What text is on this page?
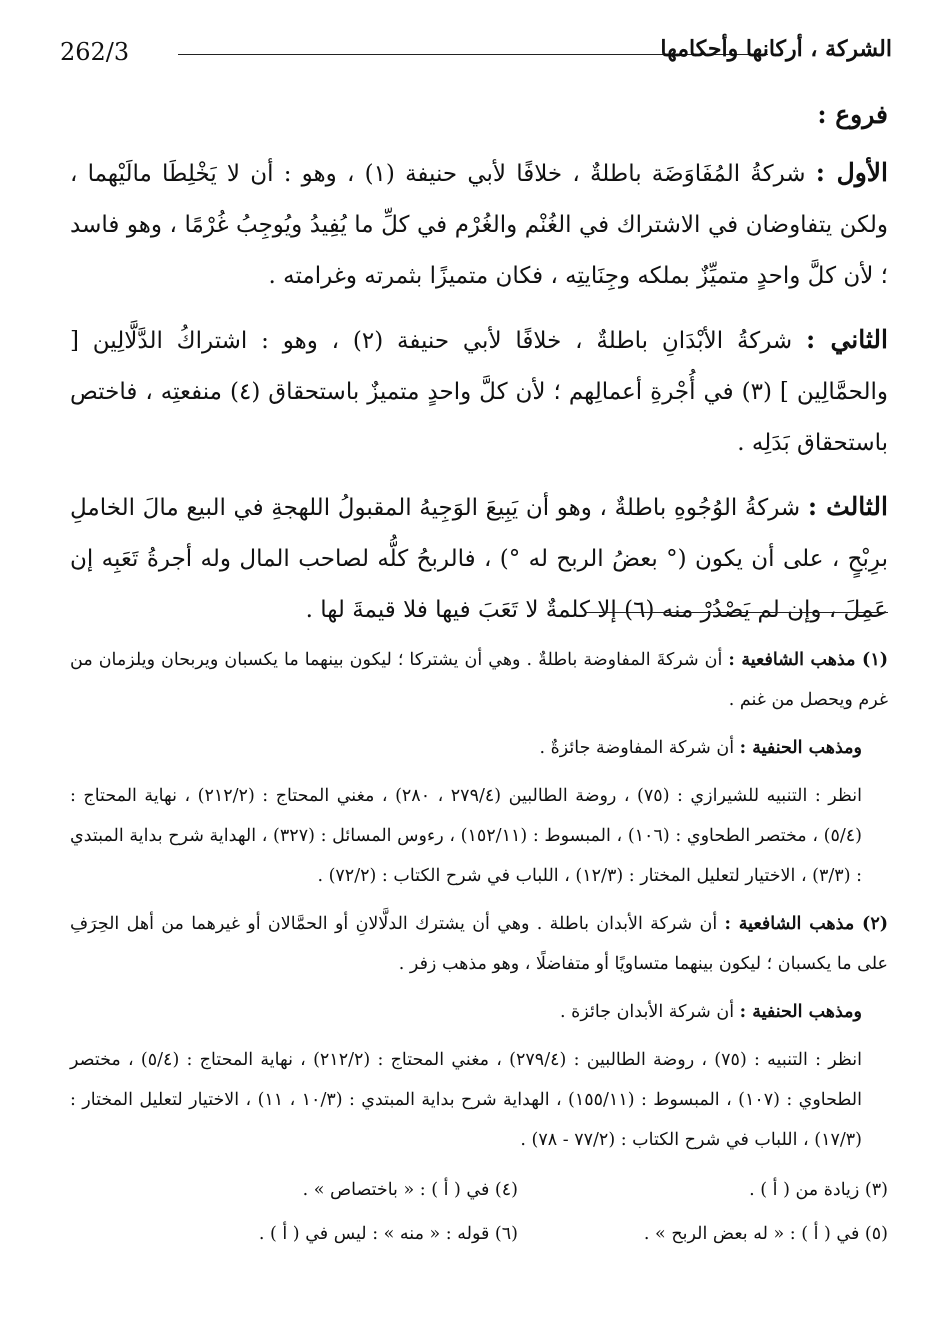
262/3	الشركة ، أركانها وأحكامها
فروع :

الأول : شركةُ المُفَاوَضَة باطلةٌ ، خلافًا لأبي حنيفة (١) ، وهو : أن لا يَخْلِطَا مالَيْهما ، ولكن يتفاوضان في الاشتراك في الغُنْم والغُرْم في كلِّ ما يُفِيدُ ويُوجِبُ غُرْمًا ، وهو فاسد ؛ لأن كلَّ واحدٍ متميِّزٌ بملكه وجِنَايتِه ، فكان متميزًا بثمرته وغرامته .

الثاني : شركةُ الأبْدَانِ باطلةٌ ، خلافًا لأبي حنيفة (٢) ، وهو : اشتراكُ الدَّلَّالِين [ والحمَّالِين ] (٣) في أُجْرةِ أعمالِهم ؛ لأن كلَّ واحدٍ متميزٌ باستحقاق (٤) منفعتِه ، فاختص باستحقاق بَدَلِه .

الثالث : شركةُ الوُجُوهِ باطلةٌ ، وهو أن يَبِيعَ الوَجِيهُ المقبولُ اللهجةِ في البيع مالَ الخاملِ برِبْحٍ ، على أن يكون (° بعضُ الربح له °) ، فالربحُ كلُّه لصاحب المال وله أجرةُ تَعَبِه إن عَمِلَ ، وإن لم يَصْدُرْ منه (٦) إلا كلمةٌ لا تَعَبَ فيها فلا قيمةَ لها .

(١) مذهب الشافعية : أن شركةَ المفاوضة باطلةٌ . وهي أن يشتركا ؛ ليكون بينهما ما يكسبان ويربحان ويلزمان من غرم ويحصل من غنم .

ومذهب الحنفية : أن شركة المفاوضة جائزةٌ .

انظر : التنبيه للشيرازي : (٧٥) ، روضة الطالبين (٢٧٩/٤ ، ٢٨٠) ، مغني المحتاج : (٢١٢/٢) ، نهاية المحتاج : (٥/٤) ، مختصر الطحاوي : (١٠٦) ، المبسوط : (١٥٢/١١) ، رءوس المسائل : (٣٢٧) ، الهداية شرح بداية المبتدي : (٣/٣) ، الاختيار لتعليل المختار : (١٢/٣) ، اللباب في شرح الكتاب : (٧٢/٢) .

(٢) مذهب الشافعية : أن شركة الأبدان باطلة . وهي أن يشترك الدلَّالانِ أو الحمَّالان أو غيرهما من أهل الحِرَفِ على ما يكسبان ؛ ليكون بينهما متساويًا أو متفاضلًا ، وهو مذهب زفر .

ومذهب الحنفية : أن شركة الأبدان جائزة .

انظر : التنبيه : (٧٥) ، روضة الطالبين : (٢٧٩/٤) ، مغني المحتاج : (٢١٢/٢) ، نهاية المحتاج : (٥/٤) ، مختصر الطحاوي : (١٠٧) ، المبسوط : (١٥٥/١١) ، الهداية شرح بداية المبتدي : (١٠/٣ ، ١١) ، الاختيار لتعليل المختار : (١٧/٣) ، اللباب في شرح الكتاب : (٧٧/٢ - ٧٨) .

(٣) زيادة من ( أ ) .
(٤) في ( أ ) : « باختصاص » .
(٥) في ( أ ) : « له بعض الربح » .
(٦) قوله : « منه » : ليس في ( أ ) .
